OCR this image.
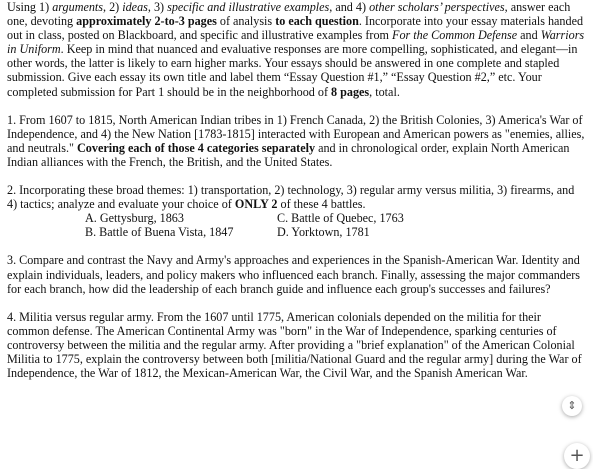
Using 1) arguments, 2) ideas, 3) specific and illustrative examples, and 4) other scholars’ perspectives, answer each one, devoting approximately 2-to-3 pages of analysis to each question. Incorporate into your essay materials handed out in class, posted on Blackboard, and specific and illustrative examples from For the Common Defense and Warriors in Uniform. Keep in mind that nuanced and evaluative responses are more compelling, sophisticated, and elegant—in other words, the latter is likely to earn higher marks. Your essays should be answered in one complete and stapled submission. Give each essay its own title and label them “Essay Question #1,” “Essay Question #2,” etc. Your completed submission for Part 1 should be in the neighborhood of 8 pages, total.

1. From 1607 to 1815, North American Indian tribes in 1) French Canada, 2) the British Colonies, 3) America's War of Independence, and 4) the New Nation [1783-1815] interacted with European and American powers as "enemies, allies, and neutrals." Covering each of those 4 categories separately and in chronological order, explain North American Indian alliances with the French, the British, and the United States.

2. Incorporating these broad themes: 1) transportation, 2) technology, 3) regular army versus militia, 3) firearms, and 4) tactics; analyze and evaluate your choice of ONLY 2 of these 4 battles.

A. Gettysburg, 1863	C. Battle of Quebec, 1763
B. Battle of Buena Vista, 1847	D. Yorktown, 1781

3. Compare and contrast the Navy and Army's approaches and experiences in the Spanish-American War. Identity and explain individuals, leaders, and policy makers who influenced each branch. Finally, assessing the major commanders for each branch, how did the leadership of each branch guide and influence each group's successes and failures?

4. Militia versus regular army. From the 1607 until 1775, American colonials depended on the militia for their common defense. The American Continental Army was "born" in the War of Independence, sparking centuries of controversy between the militia and the regular army. After providing a "brief explanation" of the American Colonial Militia to 1775, explain the controversy between both [militia/National Guard and the regular army] during the War of Independence, the War of 1812, the Mexican-American War, the Civil War, and the Spanish American War.

⇕
+
